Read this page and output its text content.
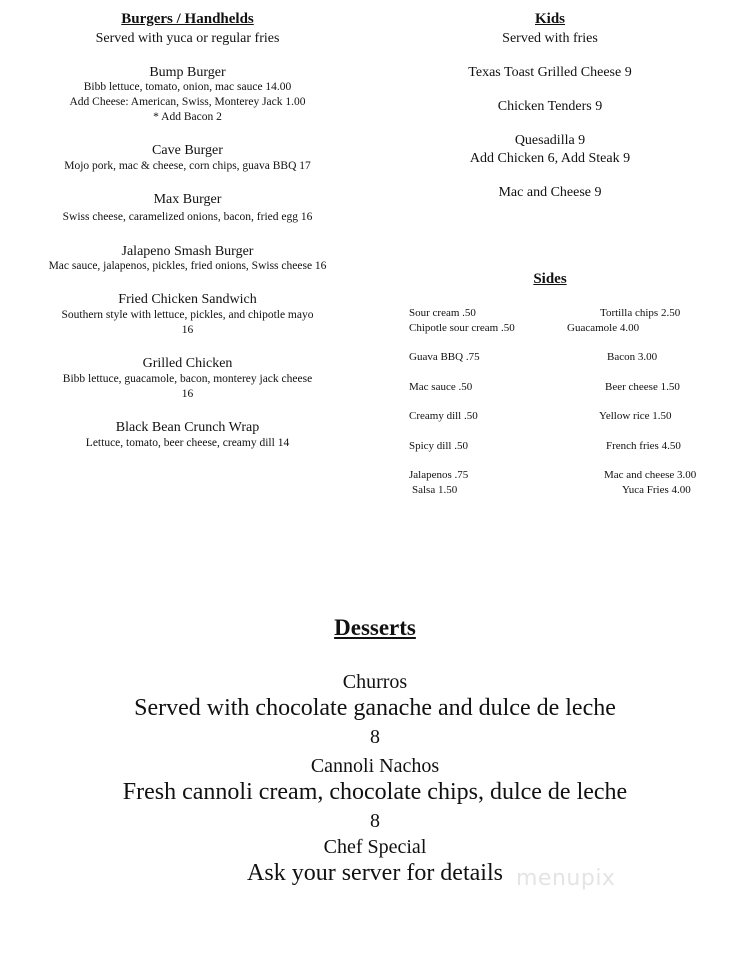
Burgers / Handhelds
Served with yuca or regular fries
Bump Burger
Bibb lettuce, tomato, onion, mac sauce 14.00
Add Cheese: American, Swiss, Monterey Jack 1.00
* Add Bacon 2
Cave Burger
Mojo pork, mac & cheese, corn chips, guava BBQ 17
Max Burger
Swiss cheese, caramelized onions, bacon, fried egg 16
Jalapeno Smash Burger
Mac sauce, jalapenos, pickles, fried onions, Swiss cheese 16
Fried Chicken Sandwich
Southern style with lettuce, pickles, and chipotle mayo
16
Grilled Chicken
Bibb lettuce, guacamole, bacon, monterey jack cheese
16
Black Bean Crunch Wrap
Lettuce, tomato, beer cheese, creamy dill 14
Kids
Served with fries
Texas Toast Grilled Cheese 9
Chicken Tenders 9
Quesadilla 9
Add Chicken 6, Add Steak 9
Mac and Cheese 9
Sides
Sour cream .50
Chipotle sour cream .50
Guava BBQ .75
Mac sauce .50
Creamy dill .50
Spicy dill .50
Jalapenos .75
Salsa 1.50
Tortilla chips 2.50
Guacamole 4.00
Bacon 3.00
Beer cheese 1.50
Yellow rice 1.50
French fries 4.50
Mac and cheese 3.00
Yuca Fries 4.00
Desserts
Churros
Served with chocolate ganache and dulce de leche
8
Cannoli Nachos
Fresh cannoli cream, chocolate chips, dulce de leche
8
Chef Special
Ask your server for details menupix
